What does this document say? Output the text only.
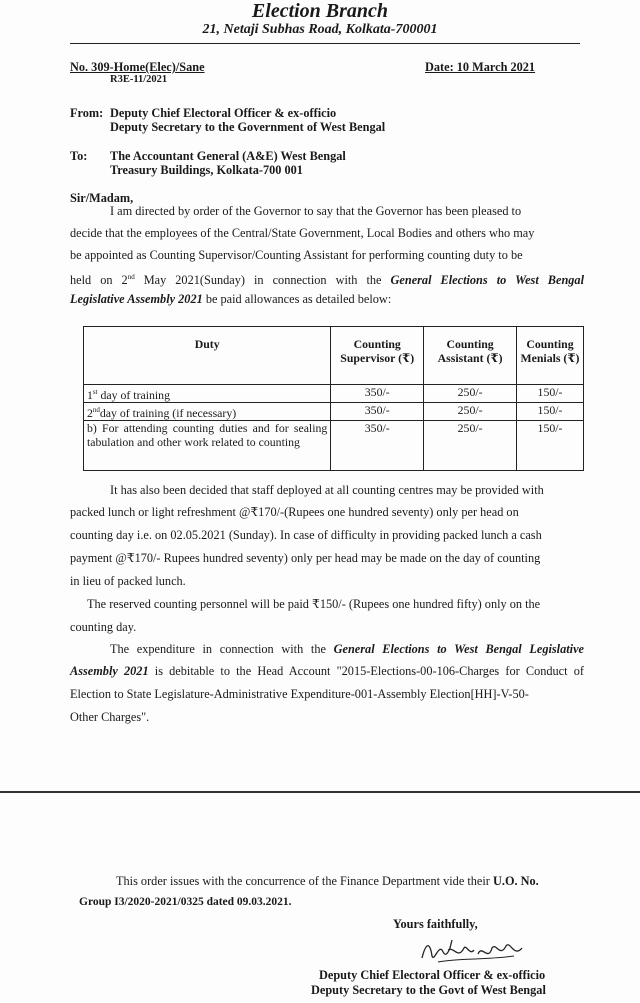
Election Branch
21, Netaji Subhas Road, Kolkata-700001
No. 309-Home(Elec)/Sane
R3E-11/2021
Date: 10 March 2021
From: Deputy Chief Electoral Officer & ex-officio
Deputy Secretary to the Government of West Bengal
To: The Accountant General (A&E) West Bengal
Treasury Buildings, Kolkata-700 001
Sir/Madam,
I am directed by order of the Governor to say that the Governor has been pleased to
decide that the employees of the Central/State Government, Local Bodies and others who may
be appointed as Counting Supervisor/Counting Assistant for performing counting duty to be
held on 2nd May 2021(Sunday) in connection with the General Elections to West Bengal
Legislative Assembly 2021 be paid allowances as detailed below:
Duty	Counting Supervisor (₹)	Counting Assistant (₹)	Counting Menials (₹)
1st day of training	350/-	250/-	150/-
2ndday of training (if necessary)	350/-	250/-	150/-
b) For attending counting duties and for sealing tabulation and other work related to counting	350/-	250/-	150/-
It has also been decided that staff deployed at all counting centres may be provided with
packed lunch or light refreshment @₹170/-(Rupees one hundred seventy) only per head on
counting day i.e. on 02.05.2021 (Sunday). In case of difficulty in providing packed lunch a cash
payment @₹170/- Rupees hundred seventy) only per head may be made on the day of counting
in lieu of packed lunch.
The reserved counting personnel will be paid ₹150/- (Rupees one hundred fifty) only on the
counting day.
The expenditure in connection with the General Elections to West Bengal Legislative
Assembly 2021 is debitable to the Head Account "2015-Elections-00-106-Charges for Conduct of
Election to State Legislature-Administrative Expenditure-001-Assembly Election[HH]-V-50-
Other Charges".
This order issues with the concurrence of the Finance Department vide their U.O. No.
Group I3/2020-2021/0325 dated 09.03.2021.
Yours faithfully,
Deputy Chief Electoral Officer & ex-officio
Deputy Secretary to the Govt of West Bengal
